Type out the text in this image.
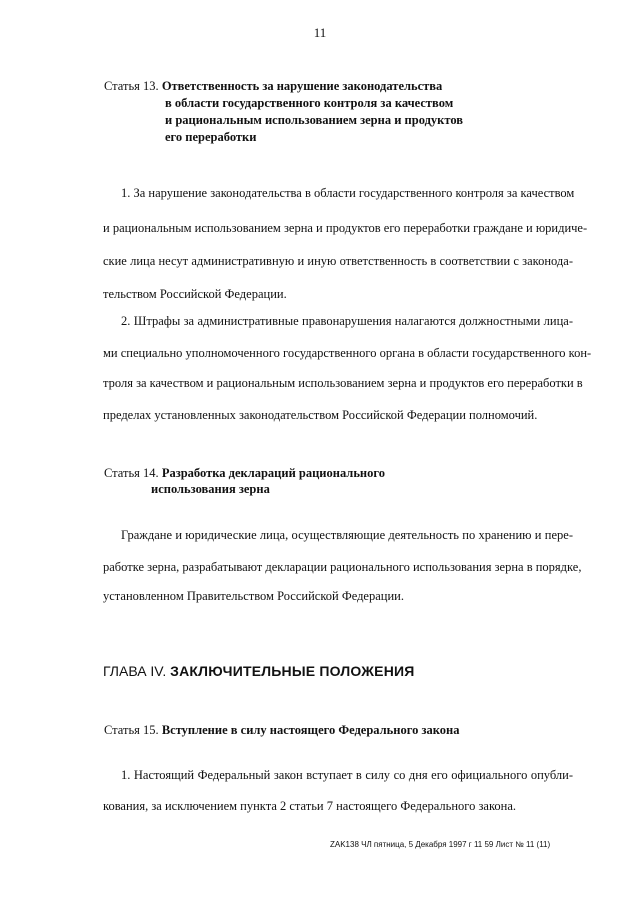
11
Статья 13. Ответственность за нарушение законодательства
в области государственного контроля за качеством
и рациональным использованием зерна и продуктов
его переработки
1. За нарушение законодательства в области государственного контроля за качеством
и рациональным использованием зерна и продуктов его переработки граждане и юридиче-
ские лица несут административную и иную ответственность в соответствии с законода-
тельством Российской Федерации.
2. Штрафы за административные правонарушения налагаются должностными лица-
ми специально уполномоченного государственного органа в области государственного кон-
троля за качеством и рациональным использованием зерна и продуктов его переработки в
пределах установленных законодательством Российской Федерации полномочий.
Статья 14. Разработка деклараций рационального
использования зерна
Граждане и юридические лица, осуществляющие деятельность по хранению и пере-
работке зерна, разрабатывают декларации рационального использования зерна в порядке,
установленном Правительством Российской Федерации.
ГЛАВА IV. ЗАКЛЮЧИТЕЛЬНЫЕ ПОЛОЖЕНИЯ
Статья 15. Вступление в силу настоящего Федерального закона
1. Настоящий Федеральный закон вступает в силу со дня его официального опубли-
кования, за исключением пункта 2 статьи 7 настоящего Федерального закона.
ZAK138 ЧЛ пятница, 5 Декабря 1997 г 11 59 Лист № 11 (11)
